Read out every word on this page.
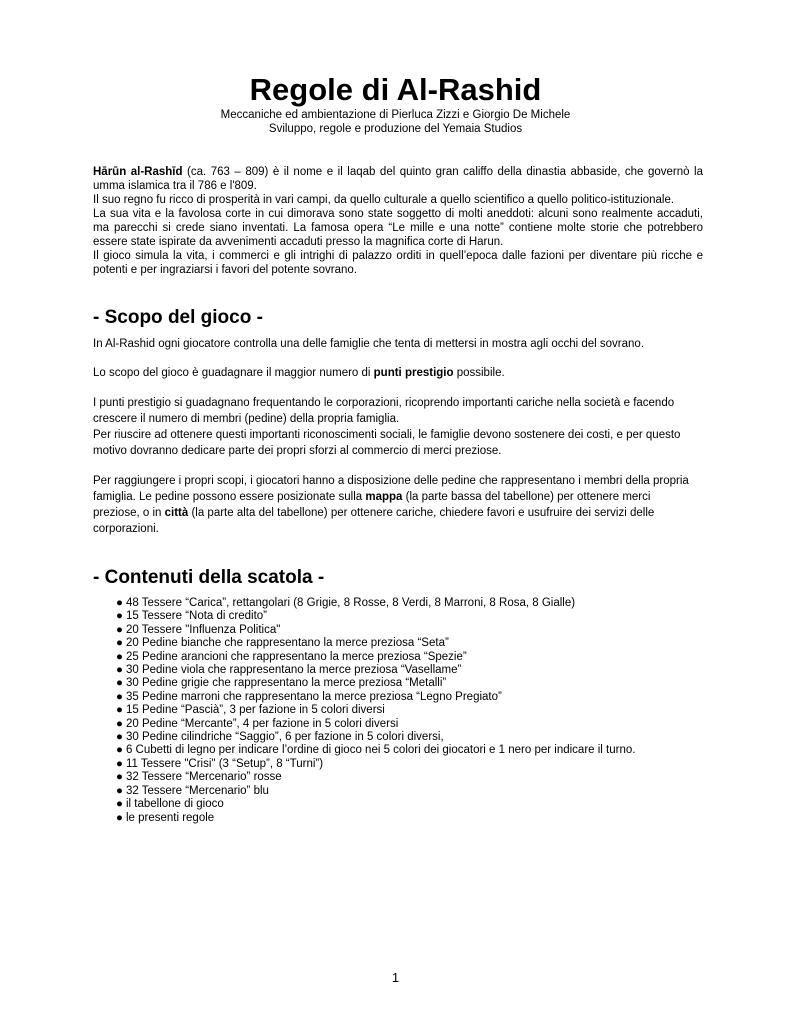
Regole di Al-Rashid
Meccaniche ed ambientazione di Pierluca Zizzi e Giorgio De Michele
Sviluppo, regole e produzione del Yemaia Studios
Hārūn al-Rashīd (ca. 763 – 809) è il nome e il laqab del quinto gran califfo della dinastia abbaside, che governò la
umma islamica tra il 786 e l'809.
Il suo regno fu ricco di prosperità in vari campi, da quello culturale a quello scientifico a quello politico-istituzionale.
La sua vita e la favolosa corte in cui dimorava sono state soggetto di molti aneddoti: alcuni sono realmente accaduti,
ma parecchi si crede siano inventati. La famosa opera “Le mille e una notte” contiene molte storie che potrebbero
essere state ispirate da avvenimenti accaduti presso la magnifica corte di Harun.
Il gioco simula la vita, i commerci e gli intrighi di palazzo orditi in quell’epoca dalle fazioni per diventare più ricche e
potenti e per ingraziarsi i favori del potente sovrano.
- Scopo del gioco -

In Al-Rashid ogni giocatore controlla una delle famiglie che tenta di mettersi in mostra agli occhi del sovrano.

Lo scopo del gioco è guadagnare il maggior numero di punti prestigio possibile.

I punti prestigio si guadagnano frequentando le corporazioni, ricoprendo importanti cariche nella società e facendo
crescere il numero di membri (pedine) della propria famiglia.
Per riuscire ad ottenere questi importanti riconoscimenti sociali, le famiglie devono sostenere dei costi, e per questo
motivo dovranno dedicare parte dei propri sforzi al commercio di merci preziose.

Per raggiungere i propri scopi, i giocatori hanno a disposizione delle pedine che rappresentano i membri della propria
famiglia. Le pedine possono essere posizionate sulla mappa (la parte bassa del tabellone) per ottenere merci
preziose, o in città (la parte alta del tabellone) per ottenere cariche, chiedere favori e usufruire dei servizi delle
corporazioni.

- Contenuti della scatola -
● 48 Tessere “Carica”, rettangolari (8 Grigie, 8 Rosse, 8 Verdi, 8 Marroni, 8 Rosa, 8 Gialle)
● 15 Tessere “Nota di credito”
● 20 Tessere "Influenza Politica"
● 20 Pedine bianche che rappresentano la merce preziosa “Seta”
● 25 Pedine arancioni che rappresentano la merce preziosa “Spezie”
● 30 Pedine viola che rappresentano la merce preziosa “Vasellame”
● 30 Pedine grigie che rappresentano la merce preziosa “Metalli”
● 35 Pedine marroni che rappresentano la merce preziosa “Legno Pregiato”
● 15 Pedine “Pascià”, 3 per fazione in 5 colori diversi
● 20 Pedine “Mercante”, 4 per fazione in 5 colori diversi
● 30 Pedine cilindriche “Saggio”, 6 per fazione in 5 colori diversi,
● 6 Cubetti di legno per indicare l’ordine di gioco nei 5 colori dei giocatori e 1 nero per indicare il turno.
● 11 Tessere "Crisi" (3 “Setup”, 8 “Turni”)
● 32 Tessere “Mercenario” rosse
● 32 Tessere “Mercenario” blu
● il tabellone di gioco
● le presenti regole
1
